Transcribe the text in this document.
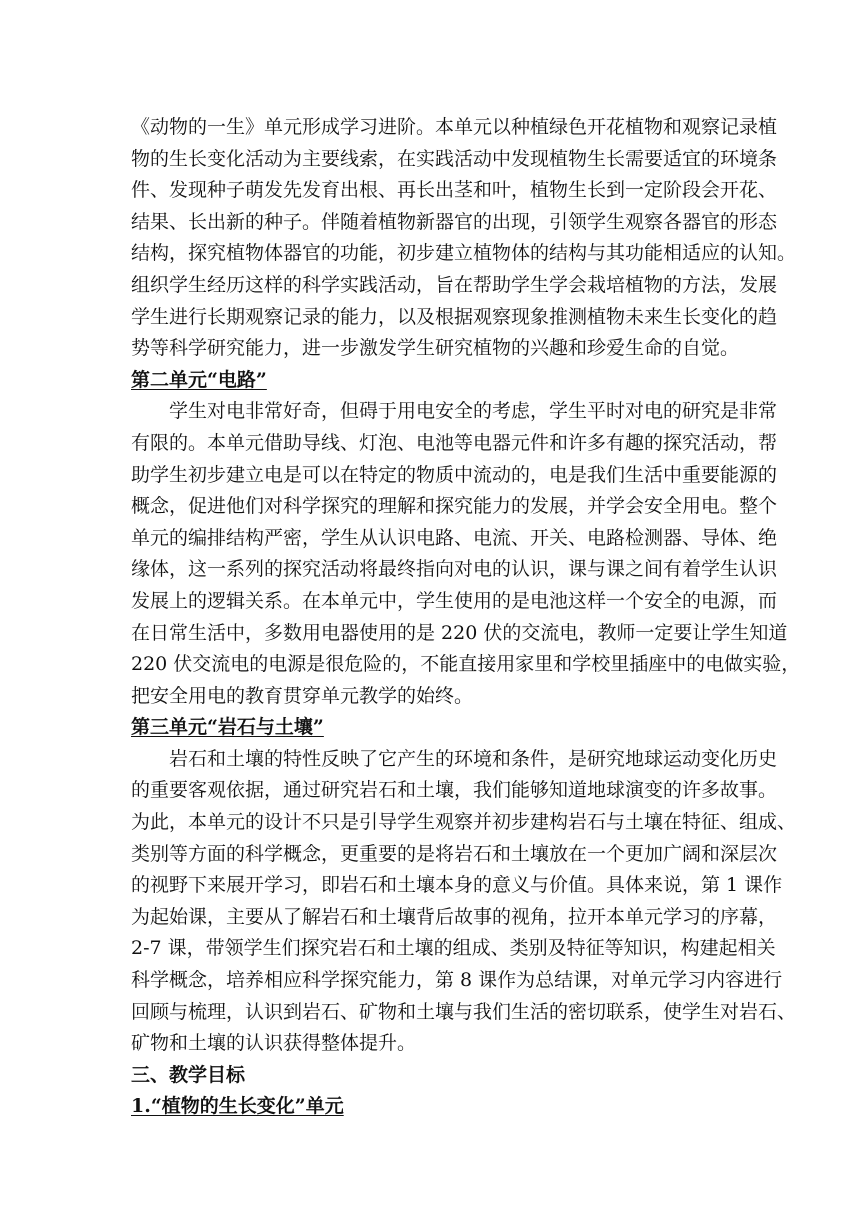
《动物的一生》单元形成学习进阶。本单元以种植绿色开花植物和观察记录植
物的生长变化活动为主要线索，在实践活动中发现植物生长需要适宜的环境条
件、发现种子萌发先发育出根、再长出茎和叶，植物生长到一定阶段会开花、
结果、长出新的种子。伴随着植物新器官的出现，引领学生观察各器官的形态
结构，探究植物体器官的功能，初步建立植物体的结构与其功能相适应的认知。
组织学生经历这样的科学实践活动，旨在帮助学生学会栽培植物的方法，发展
学生进行长期观察记录的能力，以及根据观察现象推测植物未来生长变化的趋
势等科学研究能力，进一步激发学生研究植物的兴趣和珍爱生命的自觉。
第二单元“电路”
学生对电非常好奇，但碍于用电安全的考虑，学生平时对电的研究是非常
有限的。本单元借助导线、灯泡、电池等电器元件和许多有趣的探究活动，帮
助学生初步建立电是可以在特定的物质中流动的，电是我们生活中重要能源的
概念，促进他们对科学探究的理解和探究能力的发展，并学会安全用电。整个
单元的编排结构严密，学生从认识电路、电流、开关、电路检测器、导体、绝
缘体，这一系列的探究活动将最终指向对电的认识，课与课之间有着学生认识
发展上的逻辑关系。在本单元中，学生使用的是电池这样一个安全的电源，而
在日常生活中，多数用电器使用的是 220 伏的交流电，教师一定要让学生知道
220 伏交流电的电源是很危险的，不能直接用家里和学校里插座中的电做实验，
把安全用电的教育贯穿单元教学的始终。
第三单元“岩石与土壤”
岩石和土壤的特性反映了它产生的环境和条件，是研究地球运动变化历史
的重要客观依据，通过研究岩石和土壤，我们能够知道地球演变的许多故事。
为此，本单元的设计不只是引导学生观察并初步建构岩石与土壤在特征、组成、
类别等方面的科学概念，更重要的是将岩石和土壤放在一个更加广阔和深层次
的视野下来展开学习，即岩石和土壤本身的意义与价值。具体来说，第 1 课作
为起始课，主要从了解岩石和土壤背后故事的视角，拉开本单元学习的序幕，
2-7 课，带领学生们探究岩石和土壤的组成、类别及特征等知识，构建起相关
科学概念，培养相应科学探究能力，第 8 课作为总结课，对单元学习内容进行
回顾与梳理，认识到岩石、矿物和土壤与我们生活的密切联系，使学生对岩石、
矿物和土壤的认识获得整体提升。
三、教学目标
1.“植物的生长变化”单元
